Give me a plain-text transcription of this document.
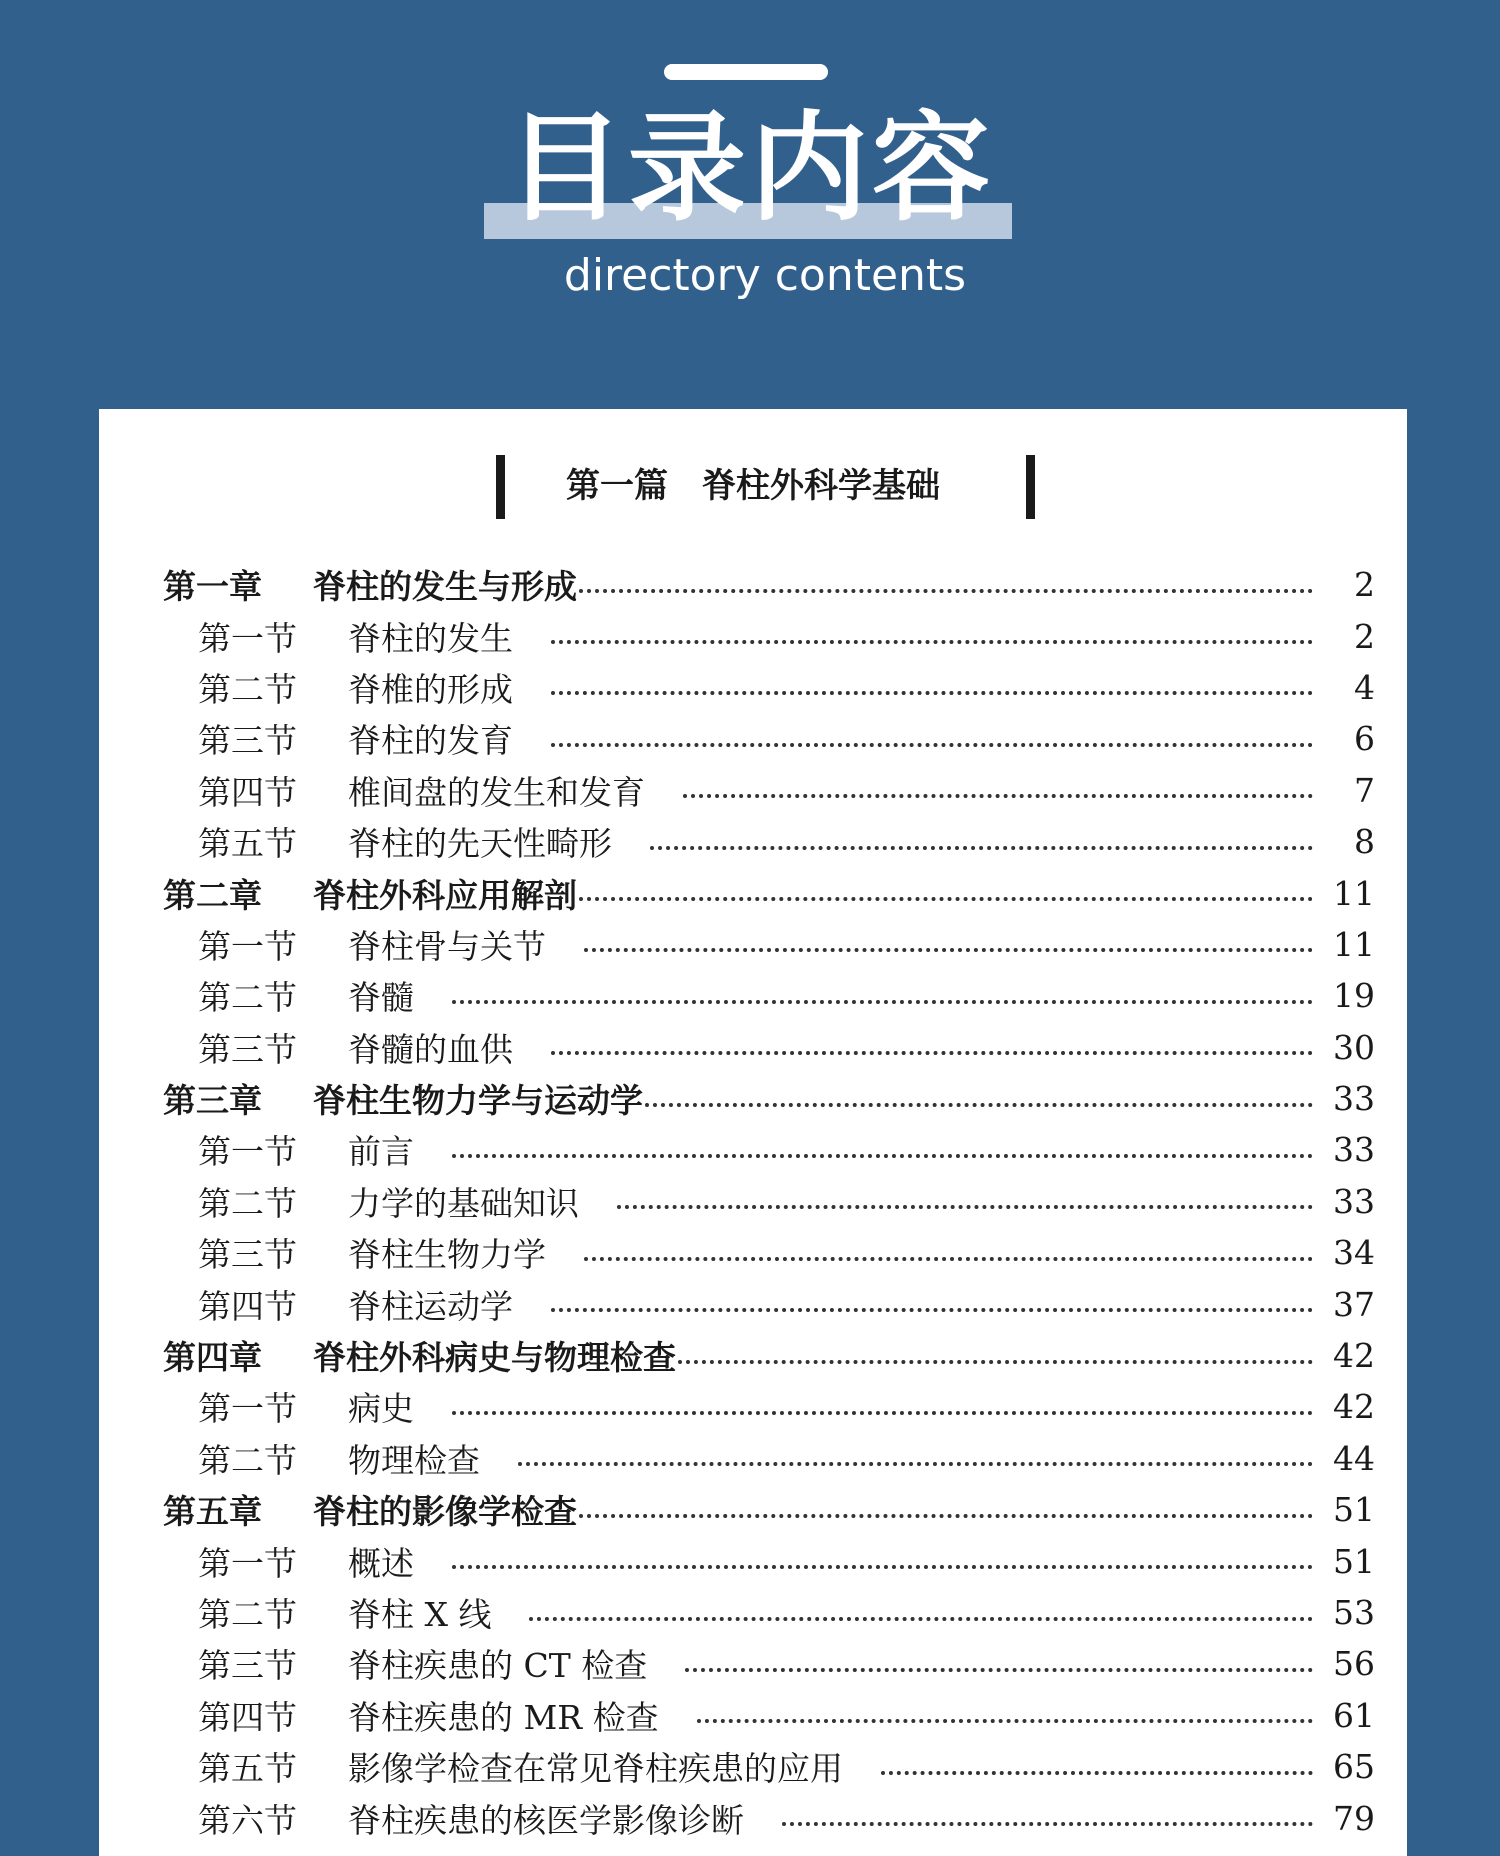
目录内容
directory contents
第一篇　脊柱外科学基础
第一章	脊柱的发生与形成	2
第一节	脊柱的发生	2
第二节	脊椎的形成	4
第三节	脊柱的发育	6
第四节	椎间盘的发生和发育	7
第五节	脊柱的先天性畸形	8
第二章	脊柱外科应用解剖	11
第一节	脊柱骨与关节	11
第二节	脊髓	19
第三节	脊髓的血供	30
第三章	脊柱生物力学与运动学	33
第一节	前言	33
第二节	力学的基础知识	33
第三节	脊柱生物力学	34
第四节	脊柱运动学	37
第四章	脊柱外科病史与物理检查	42
第一节	病史	42
第二节	物理检查	44
第五章	脊柱的影像学检查	51
第一节	概述	51
第二节	脊柱 X 线	53
第三节	脊柱疾患的 CT 检查	56
第四节	脊柱疾患的 MR 检查	61
第五节	影像学检查在常见脊柱疾患的应用	65
第六节	脊柱疾患的核医学影像诊断	79
